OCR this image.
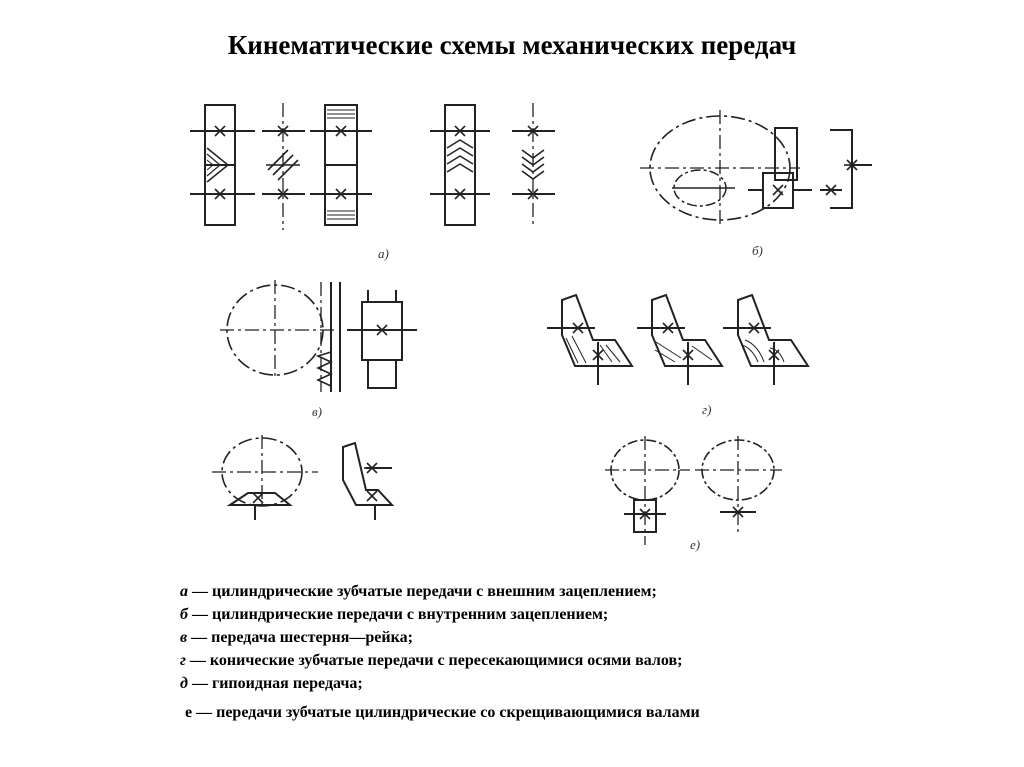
Кинематические схемы механических передач
а)	б)
в)	г)
е)
а — цилиндрические зубчатые передачи с внешним зацеплением;
б — цилиндрические передачи с внутренним зацеплением;
в — передача шестерня—рейка;
г — конические зубчатые передачи с пересекающимися осями валов;
д — гипоидная передача;
е — передачи зубчатые цилиндрические со скрещивающимися валами
